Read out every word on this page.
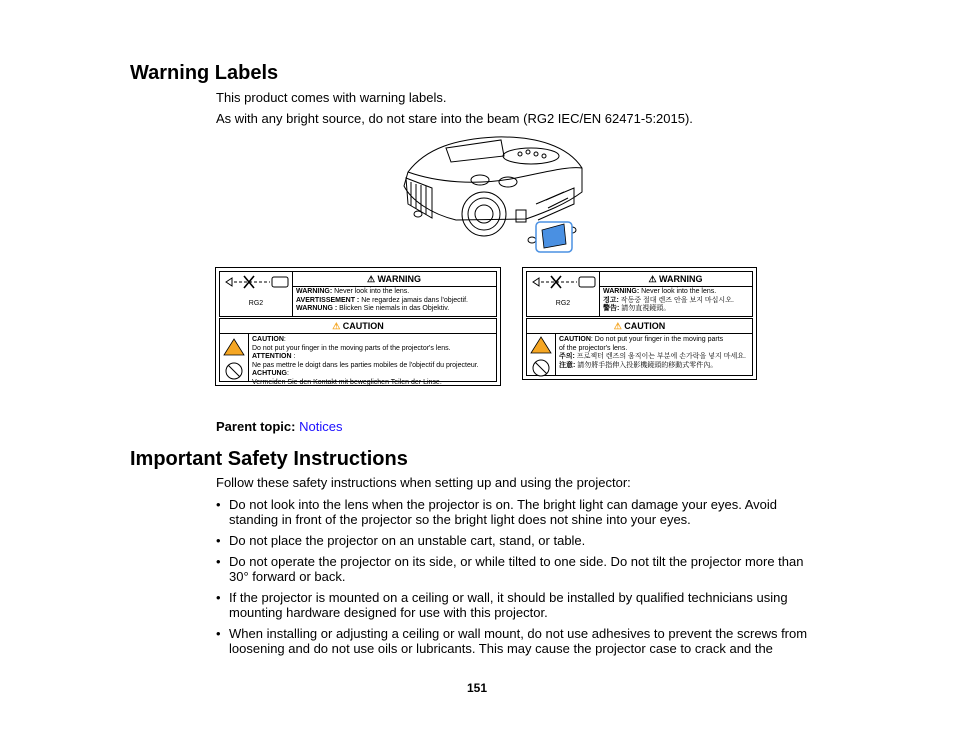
Warning Labels
This product comes with warning labels.
As with any bright source, do not stare into the beam (RG2 IEC/EN 62471-5:2015).
RG2
⚠ WARNING
WARNING: Never look into the lens.
AVERTISSEMENT : Ne regardez jamais dans l'objectif.
WARNUNG : Blicken Sie niemals in das Objektiv.
⚠ CAUTION
CAUTION:
Do not put your finger in the moving parts of the projector's lens.
ATTENTION :
Ne pas mettre le doigt dans les parties mobiles de l'objectif du projecteur.
ACHTUNG:
Vermeiden Sie den Kontakt mit beweglichen Teilen der Linse.
RG2
⚠ WARNING
WARNING: Never look into the lens.
경고: 작동중 절대 렌즈 안을 보지 마십시오.
警告: 請勿直視鏡頭。
⚠ CAUTION
CAUTION: Do not put your finger in the moving parts
of the projector's lens.
주의: 프로젝터 렌즈의 움직이는 부분에 손가락을 넣지 마세요.
注意: 請勿將手指伸入投影機鏡頭的移動式零件內。
Parent topic: Notices
Important Safety Instructions
Follow these safety instructions when setting up and using the projector:
• Do not look into the lens when the projector is on. The bright light can damage your eyes. Avoid standing in front of the projector so the bright light does not shine into your eyes.
• Do not place the projector on an unstable cart, stand, or table.
• Do not operate the projector on its side, or while tilted to one side. Do not tilt the projector more than 30° forward or back.
• If the projector is mounted on a ceiling or wall, it should be installed by qualified technicians using mounting hardware designed for use with this projector.
• When installing or adjusting a ceiling or wall mount, do not use adhesives to prevent the screws from loosening and do not use oils or lubricants. This may cause the projector case to crack and the
151
